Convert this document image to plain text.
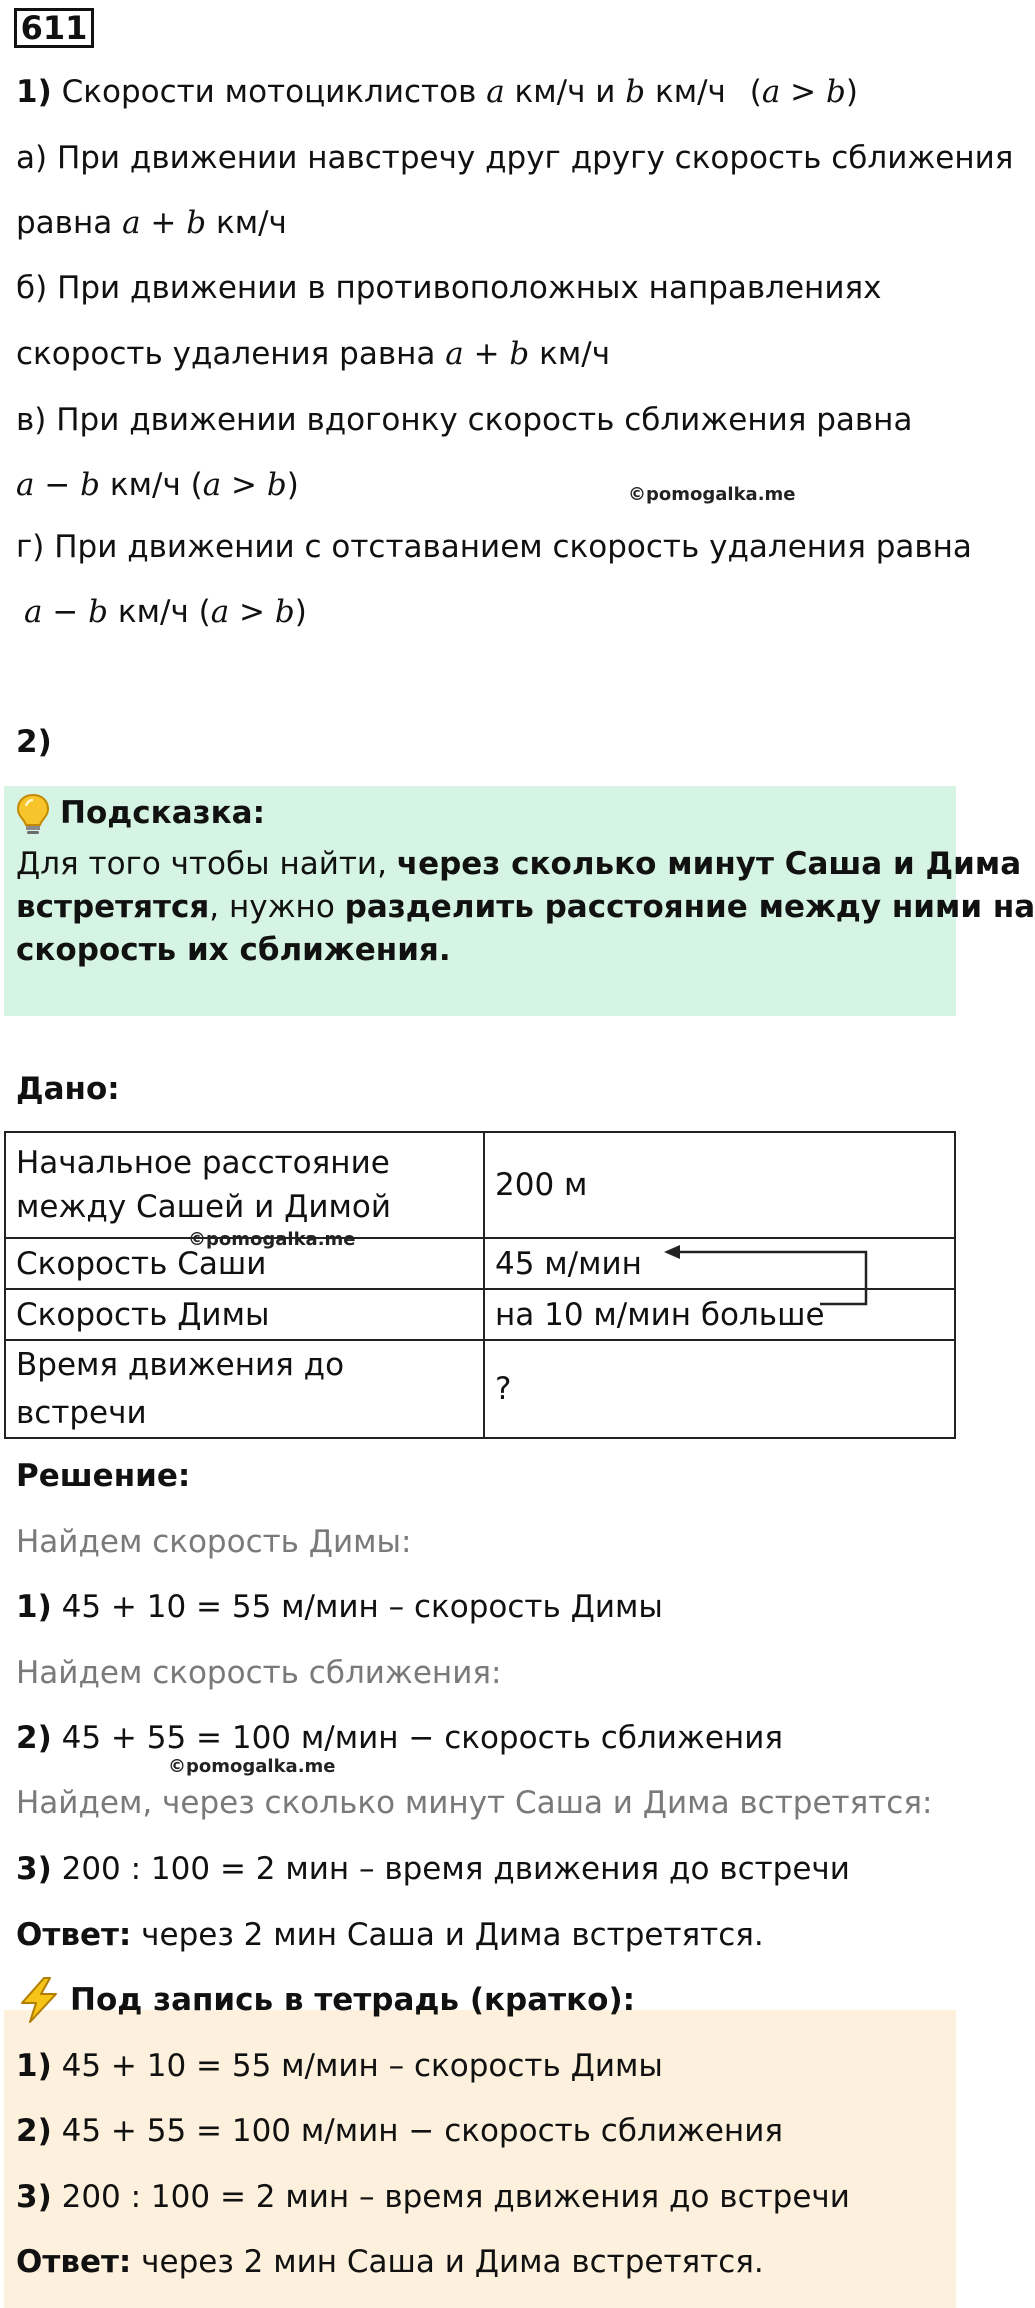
611
1) Скорости мотоциклистов a км/ч и b км/ч (a > b)
а) При движении навстречу друг другу скорость сближения
равна a + b км/ч
б) При движении в противоположных направлениях
скорость удаления равна a + b км/ч
в) При движении вдогонку скорость сближения равна
a − b км/ч (a > b)	©pomogalka.me
г) При движении с отставанием скорость удаления равна
a − b км/ч (a > b)
2)
Подсказка:
Для того чтобы найти, через сколько минут Саша и Дима
встретятся, нужно разделить расстояние между ними на
скорость их сближения.
Дано:
Начальное расстояние
между Сашей и Димой	200 м
Скорость Саши	45 м/мин
Скорость Димы	на 10 м/мин больше
Время движения до встречи	?
©pomogalka.me
Решение:
Найдем скорость Димы:
1) 45 + 10 = 55 м/мин – скорость Димы
Найдем скорость сближения:
2) 45 + 55 = 100 м/мин − скорость сближения
©pomogalka.me
Найдем, через сколько минут Саша и Дима встретятся:
3) 200 : 100 = 2 мин – время движения до встречи
Ответ: через 2 мин Саша и Дима встретятся.
Под запись в тетрадь (кратко):
1) 45 + 10 = 55 м/мин – скорость Димы
2) 45 + 55 = 100 м/мин − скорость сближения
3) 200 : 100 = 2 мин – время движения до встречи
Ответ: через 2 мин Саша и Дима встретятся.
